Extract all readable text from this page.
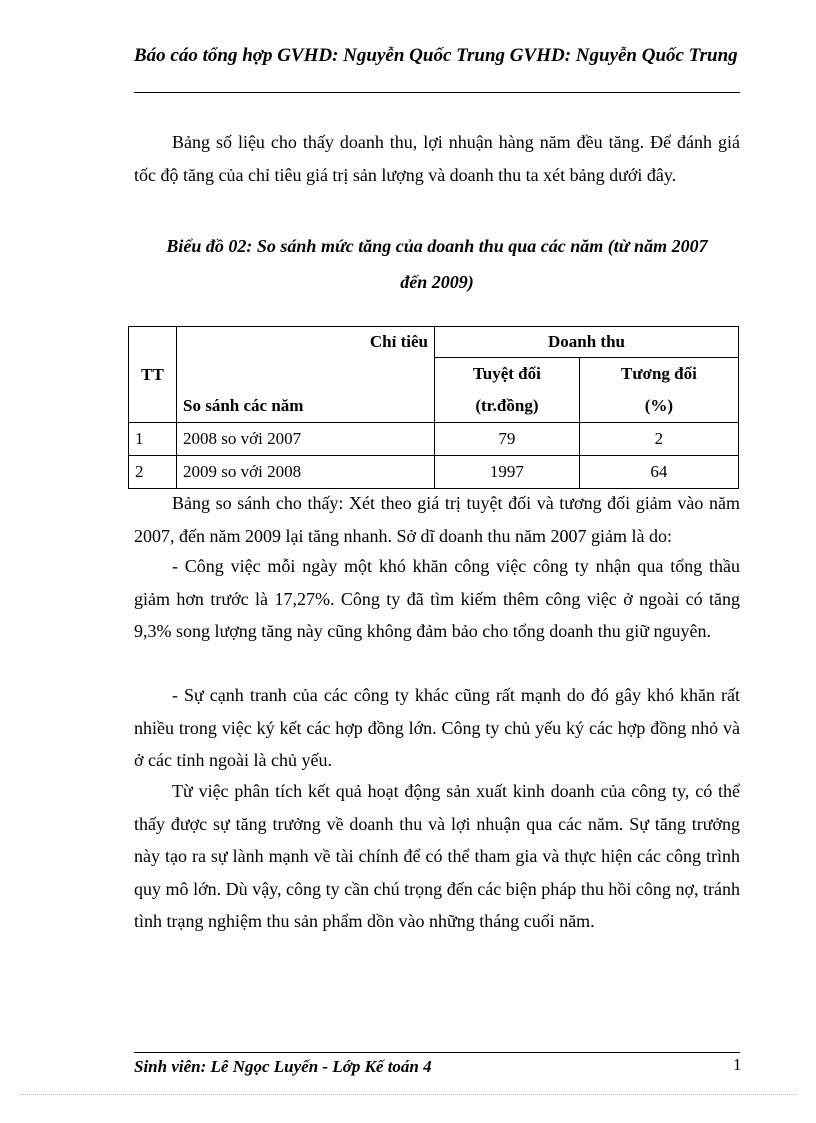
Báo cáo tổng hợp GVHD: Nguyễn Quốc Trung GVHD: Nguyễn Quốc Trung
Bảng số liệu cho thấy doanh thu, lợi nhuận hàng năm đều tăng. Để đánh giá tốc độ tăng của chỉ tiêu giá trị sản lượng và doanh thu ta xét bảng dưới đây.
Biểu đồ 02: So sánh mức tăng của doanh thu qua các năm (từ năm 2007
đến 2009)
TT	Chỉ tiêu	Doanh thu	
		Tuyệt đối	Tương đối
	So sánh các năm	(tr.đồng)	(%)
1	2008 so với 2007	79	2
2	2009 so với 2008	1997	64
Bảng so sánh cho thấy: Xét theo giá trị tuyệt đối và tương đối giảm vào năm 2007, đến năm 2009 lại tăng nhanh. Sở dĩ doanh thu năm 2007 giảm là do:
- Công việc mỗi ngày một khó khăn công việc công ty nhận qua tổng thầu giảm hơn trước là 17,27%. Công ty đã tìm kiếm thêm công việc ở ngoài có tăng 9,3% song lượng tăng này cũng không đảm bảo cho tổng doanh thu giữ nguyên.
- Sự cạnh tranh của các công ty khác cũng rất mạnh do đó gây khó khăn rất nhiều trong việc ký kết các hợp đồng lớn. Công ty chủ yếu ký các hợp đồng nhỏ và ở các tỉnh ngoài là chủ yếu.
Từ việc phân tích kết quả hoạt động sản xuất kinh doanh của công ty, có thể thấy được sự tăng trưởng về doanh thu và lợi nhuận qua các năm. Sự tăng trưởng này tạo ra sự lành mạnh về tài chính để có thể tham gia và thực hiện các công trình quy mô lớn. Dù vậy, công ty cần chú trọng đến các biện pháp thu hồi công nợ, tránh tình trạng nghiệm thu sản phẩm dồn vào những tháng cuối năm.
Sinh viên: Lê Ngọc Luyến - Lớp Kế toán 4	1
